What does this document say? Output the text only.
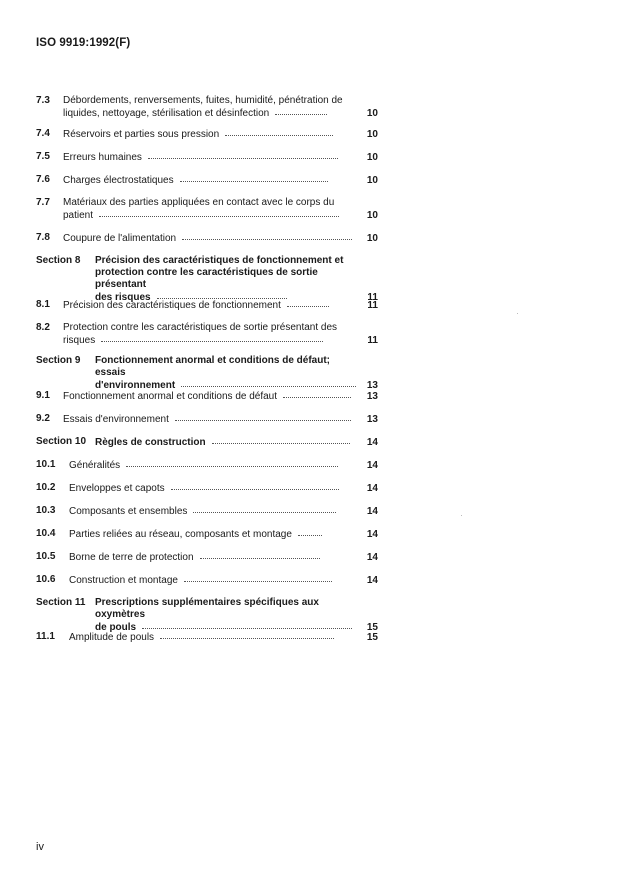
ISO 9919:1992(F)
7.3 Débordements, renversements, fuites, humidité, pénétration de
liquides, nettoyage, stérilisation et désinfection	10
7.4 Réservoirs et parties sous pression	10
7.5 Erreurs humaines	10
7.6 Charges électrostatiques	10
7.7 Matériaux des parties appliquées en contact avec le corps du
patient	10
7.8 Coupure de l'alimentation	10
Section 8 Précision des caractéristiques de fonctionnement et
protection contre les caractéristiques de sortie présentant
des risques	11
8.1 Précision des caractéristiques de fonctionnement	11
8.2 Protection contre les caractéristiques de sortie présentant des
risques	11
Section 9 Fonctionnement anormal et conditions de défaut; essais
d'environnement	13
9.1 Fonctionnement anormal et conditions de défaut	13
9.2 Essais d'environnement	13
Section 10 Règles de construction	14
10.1 Généralités	14
10.2 Enveloppes et capots	14
10.3 Composants et ensembles	14
10.4 Parties reliées au réseau, composants et montage	14
10.5 Borne de terre de protection	14
10.6 Construction et montage	14
Section 11 Prescriptions supplémentaires spécifiques aux oxymètres
de pouls	15
11.1 Amplitude de pouls	15
iv
